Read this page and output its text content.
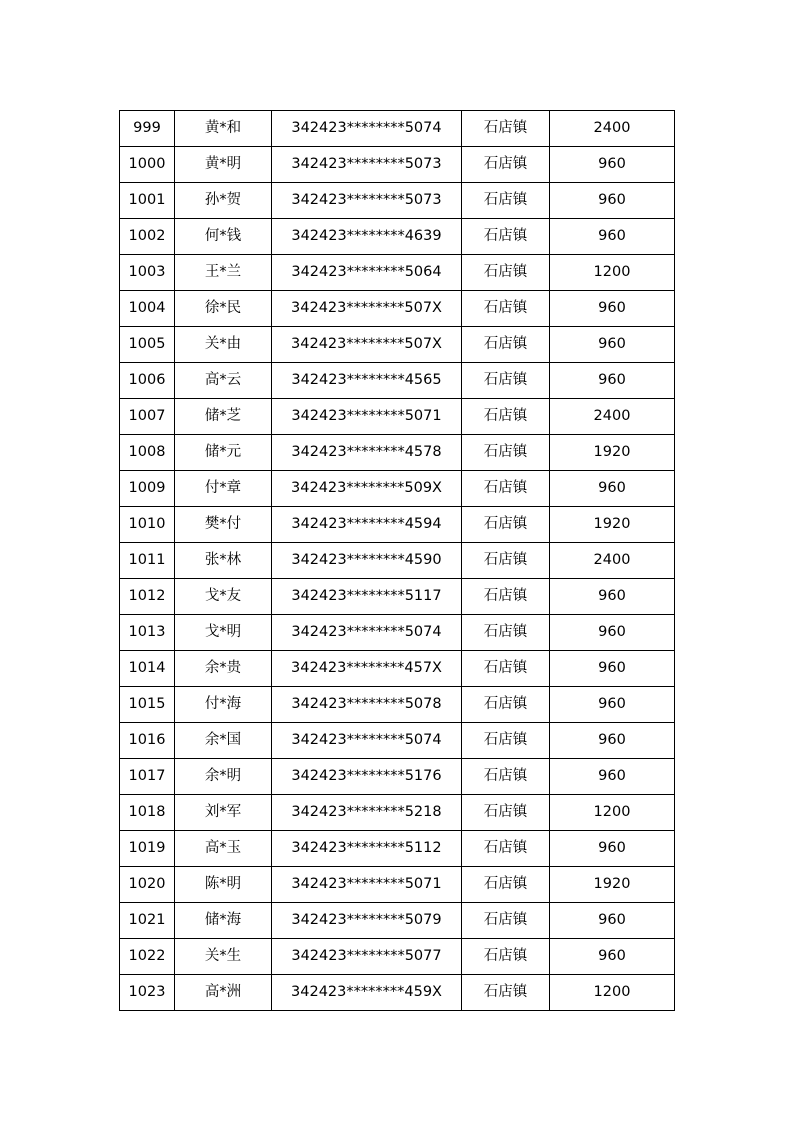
999	黄*和	342423********5074	石店镇	2400
1000	黄*明	342423********5073	石店镇	960
1001	孙*贺	342423********5073	石店镇	960
1002	何*钱	342423********4639	石店镇	960
1003	王*兰	342423********5064	石店镇	1200
1004	徐*民	342423********507X	石店镇	960
1005	关*由	342423********507X	石店镇	960
1006	高*云	342423********4565	石店镇	960
1007	储*芝	342423********5071	石店镇	2400
1008	储*元	342423********4578	石店镇	1920
1009	付*章	342423********509X	石店镇	960
1010	樊*付	342423********4594	石店镇	1920
1011	张*林	342423********4590	石店镇	2400
1012	戈*友	342423********5117	石店镇	960
1013	戈*明	342423********5074	石店镇	960
1014	余*贵	342423********457X	石店镇	960
1015	付*海	342423********5078	石店镇	960
1016	余*国	342423********5074	石店镇	960
1017	余*明	342423********5176	石店镇	960
1018	刘*军	342423********5218	石店镇	1200
1019	高*玉	342423********5112	石店镇	960
1020	陈*明	342423********5071	石店镇	1920
1021	储*海	342423********5079	石店镇	960
1022	关*生	342423********5077	石店镇	960
1023	高*洲	342423********459X	石店镇	1200
